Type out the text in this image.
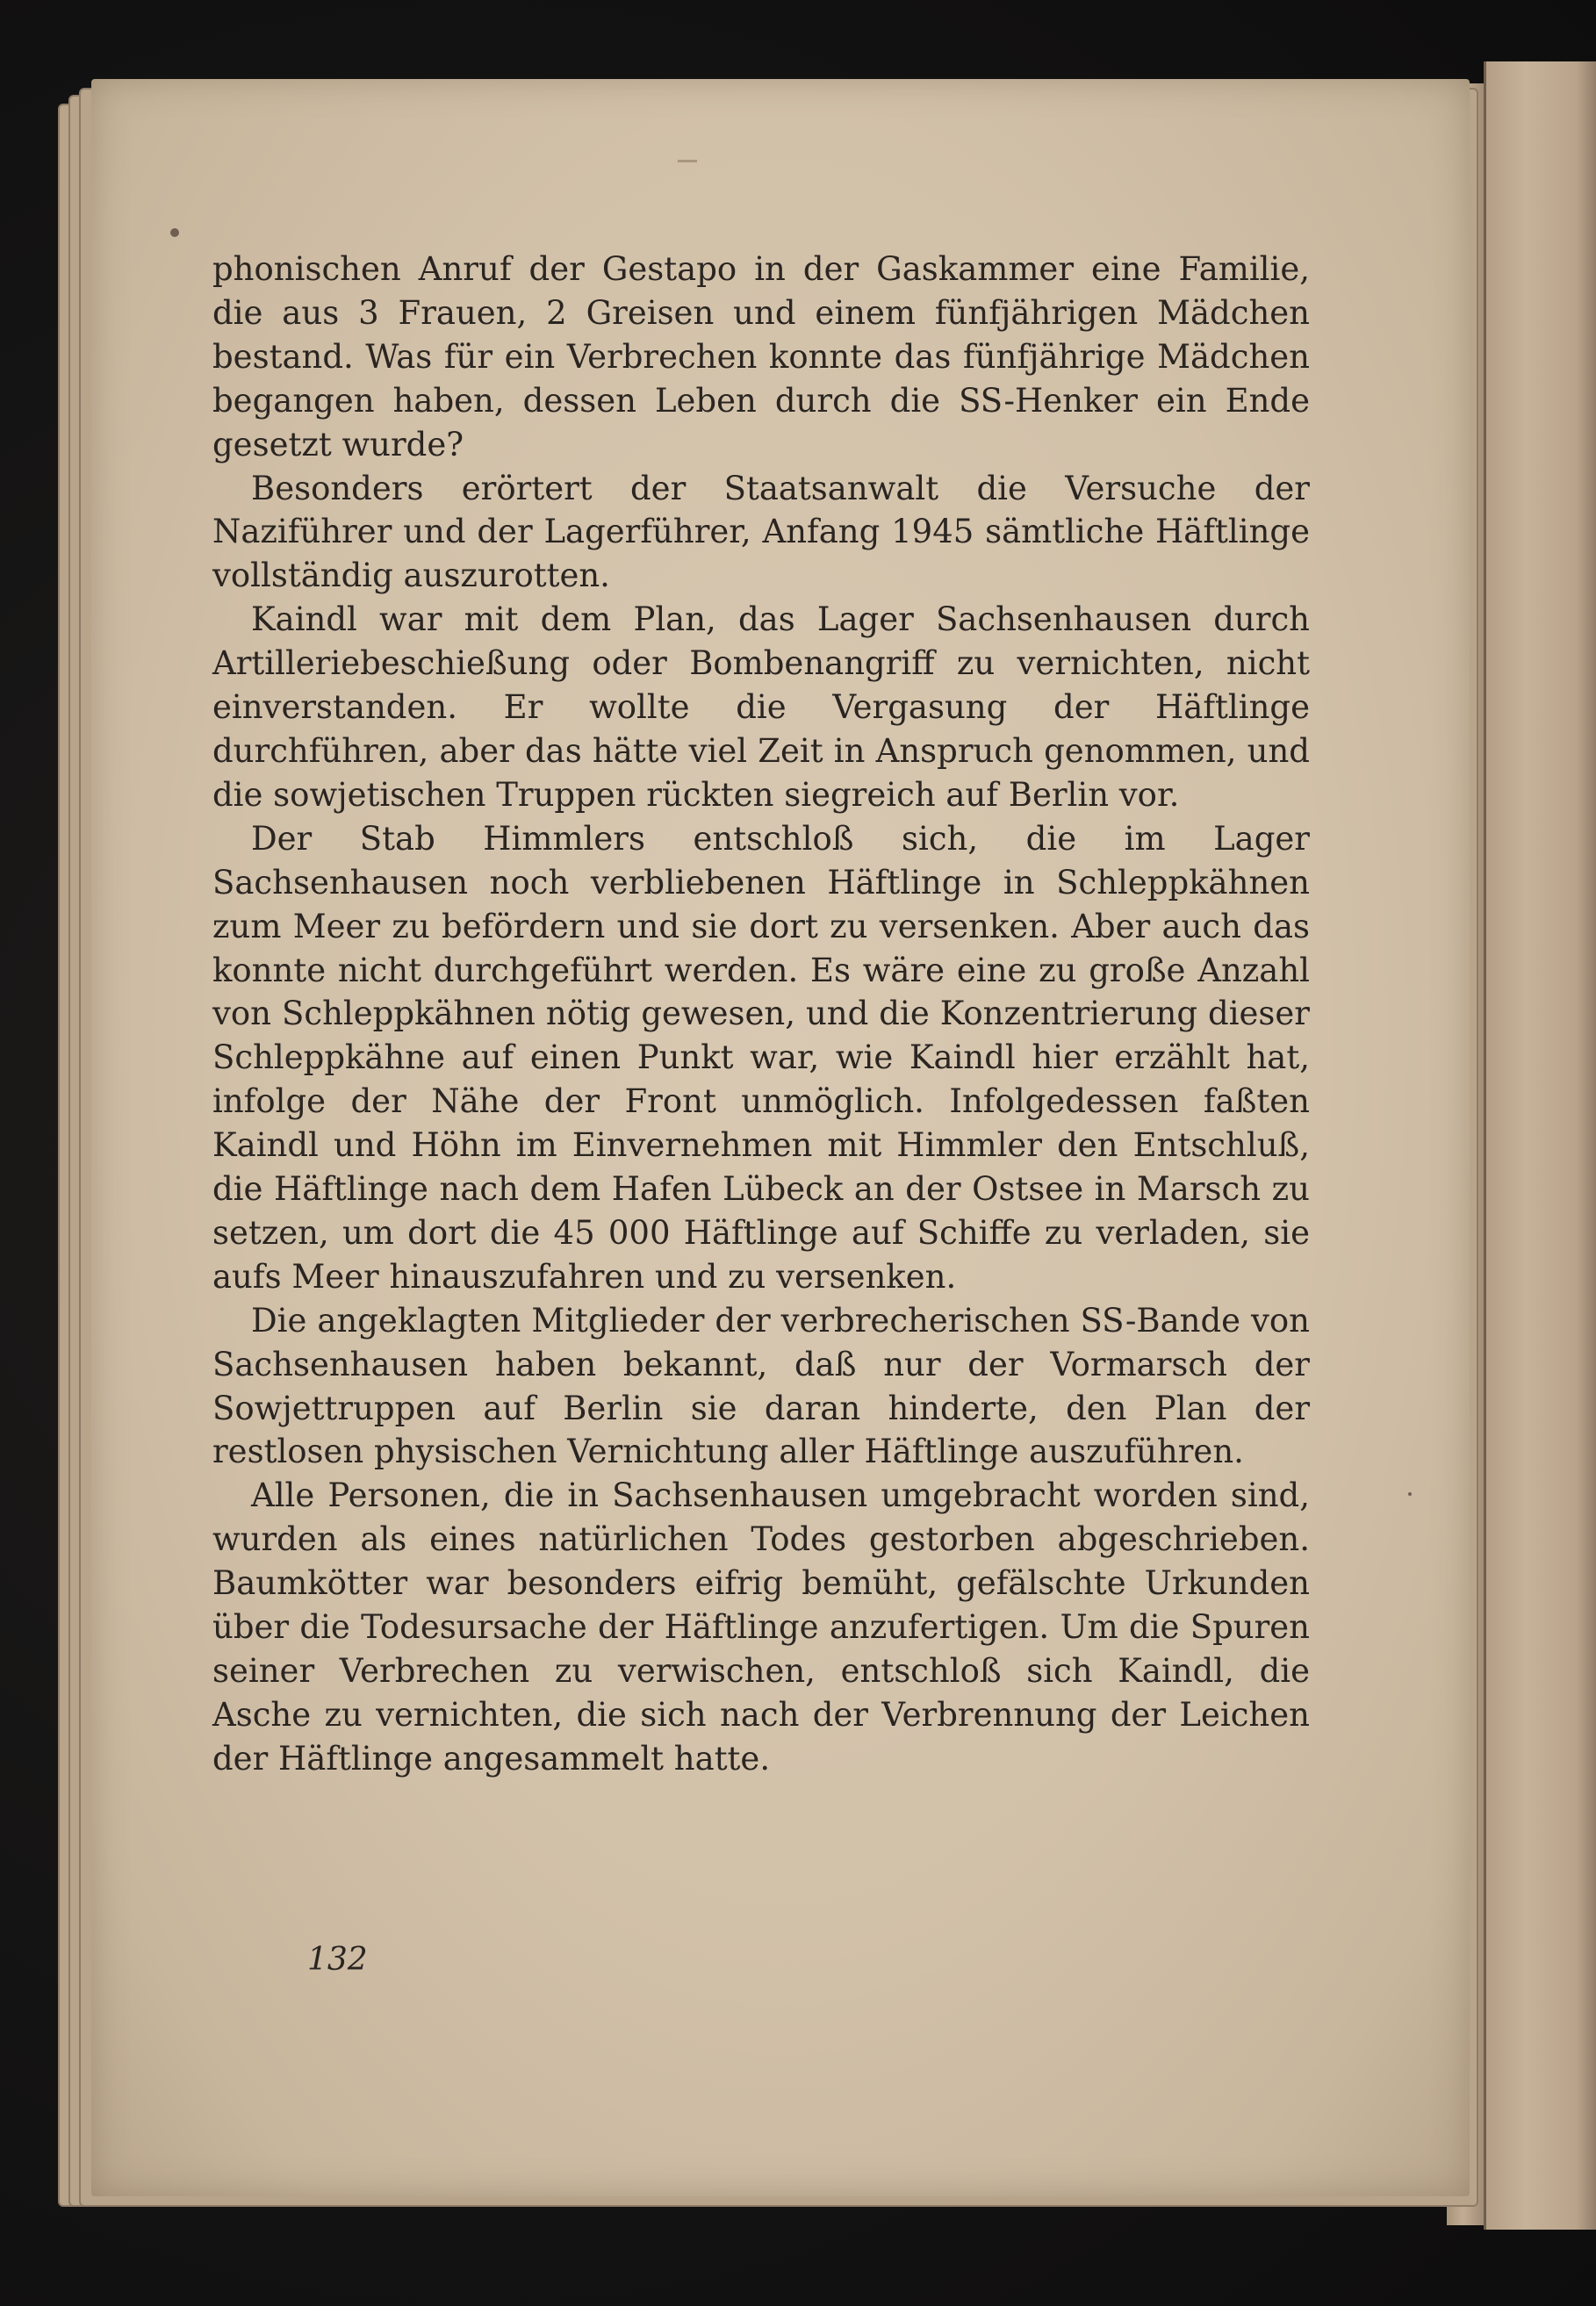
phonischen Anruf der Gestapo in der Gaskammer eine Familie, die aus 3 Frauen, 2 Greisen und einem fünfjährigen Mädchen bestand. Was für ein Verbrechen konnte das fünfjährige Mädchen begangen haben, dessen Leben durch die SS-Henker ein Ende gesetzt wurde?

Besonders erörtert der Staatsanwalt die Versuche der Naziführer und der Lagerführer, Anfang 1945 sämtliche Häftlinge vollständig auszurotten.

Kaindl war mit dem Plan, das Lager Sachsenhausen durch Artilleriebeschießung oder Bombenangriff zu vernichten, nicht einverstanden. Er wollte die Vergasung der Häftlinge durchführen, aber das hätte viel Zeit in Anspruch genommen, und die sowjetischen Truppen rückten siegreich auf Berlin vor.

Der Stab Himmlers entschloß sich, die im Lager Sachsenhausen noch verbliebenen Häftlinge in Schleppkähnen zum Meer zu befördern und sie dort zu versenken. Aber auch das konnte nicht durchgeführt werden. Es wäre eine zu große Anzahl von Schleppkähnen nötig gewesen, und die Konzentrierung dieser Schleppkähne auf einen Punkt war, wie Kaindl hier erzählt hat, infolge der Nähe der Front unmöglich. Infolgedessen faßten Kaindl und Höhn im Einvernehmen mit Himmler den Entschluß, die Häftlinge nach dem Hafen Lübeck an der Ostsee in Marsch zu setzen, um dort die 45 000 Häftlinge auf Schiffe zu verladen, sie aufs Meer hinauszufahren und zu versenken.

Die angeklagten Mitglieder der verbrecherischen SS-Bande von Sachsenhausen haben bekannt, daß nur der Vormarsch der Sowjettruppen auf Berlin sie daran hinderte, den Plan der restlosen physischen Vernichtung aller Häftlinge auszuführen.

Alle Personen, die in Sachsenhausen umgebracht worden sind, wurden als eines natürlichen Todes gestorben abgeschrieben. Baumkötter war besonders eifrig bemüht, gefälschte Urkunden über die Todesursache der Häftlinge anzufertigen. Um die Spuren seiner Verbrechen zu verwischen, entschloß sich Kaindl, die Asche zu vernichten, die sich nach der Verbrennung der Leichen der Häftlinge angesammelt hatte.

132
